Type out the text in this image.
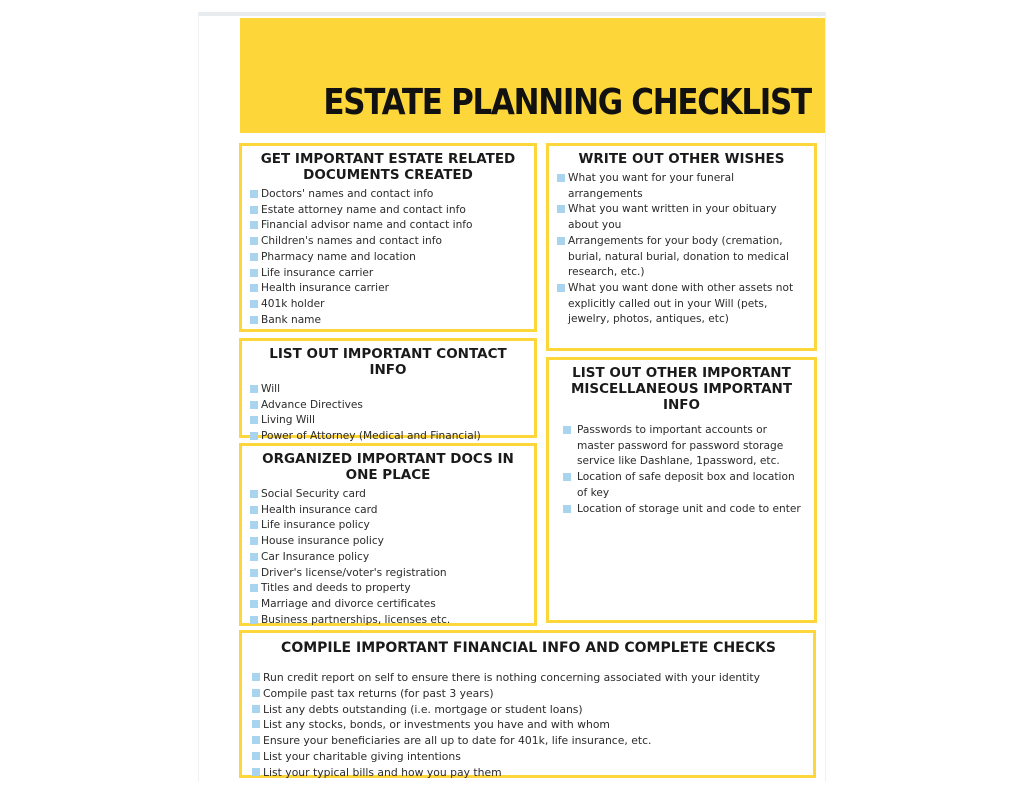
ESTATE PLANNING CHECKLIST
GET IMPORTANT ESTATE RELATED DOCUMENTS CREATED
Doctors' names and contact info
Estate attorney name and contact info
Financial advisor name and contact info
Children's names and contact info
Pharmacy name and location
Life insurance carrier
Health insurance carrier
401k holder
Bank name
LIST OUT IMPORTANT CONTACT INFO
Will
Advance Directives
Living Will
Power of Attorney (Medical and Financial)
ORGANIZED IMPORTANT DOCS IN ONE PLACE
Social Security card
Health insurance card
Life insurance policy
House insurance policy
Car Insurance policy
Driver's license/voter's registration
Titles and deeds to property
Marriage and divorce certificates
Business partnerships, licenses etc.
WRITE OUT OTHER WISHES
What you want for your funeral arrangements
What you want written in your obituary about you
Arrangements for your body (cremation, burial, natural burial, donation to medical research, etc.)
What you want done with other assets not explicitly called out in your Will (pets, jewelry, photos, antiques, etc)
LIST OUT OTHER IMPORTANT MISCELLANEOUS IMPORTANT INFO
Passwords to important accounts or master password for password storage service like Dashlane, 1password, etc.
Location of safe deposit box and location of key
Location of storage unit and code to enter
COMPILE IMPORTANT FINANCIAL INFO AND COMPLETE CHECKS
Run credit report on self to ensure there is nothing concerning associated with your identity
Compile past tax returns (for past 3 years)
List any debts outstanding (i.e. mortgage or student loans)
List any stocks, bonds, or investments you have and with whom
Ensure your beneficiaries are all up to date for 401k, life insurance, etc.
List your charitable giving intentions
List your typical bills and how you pay them
